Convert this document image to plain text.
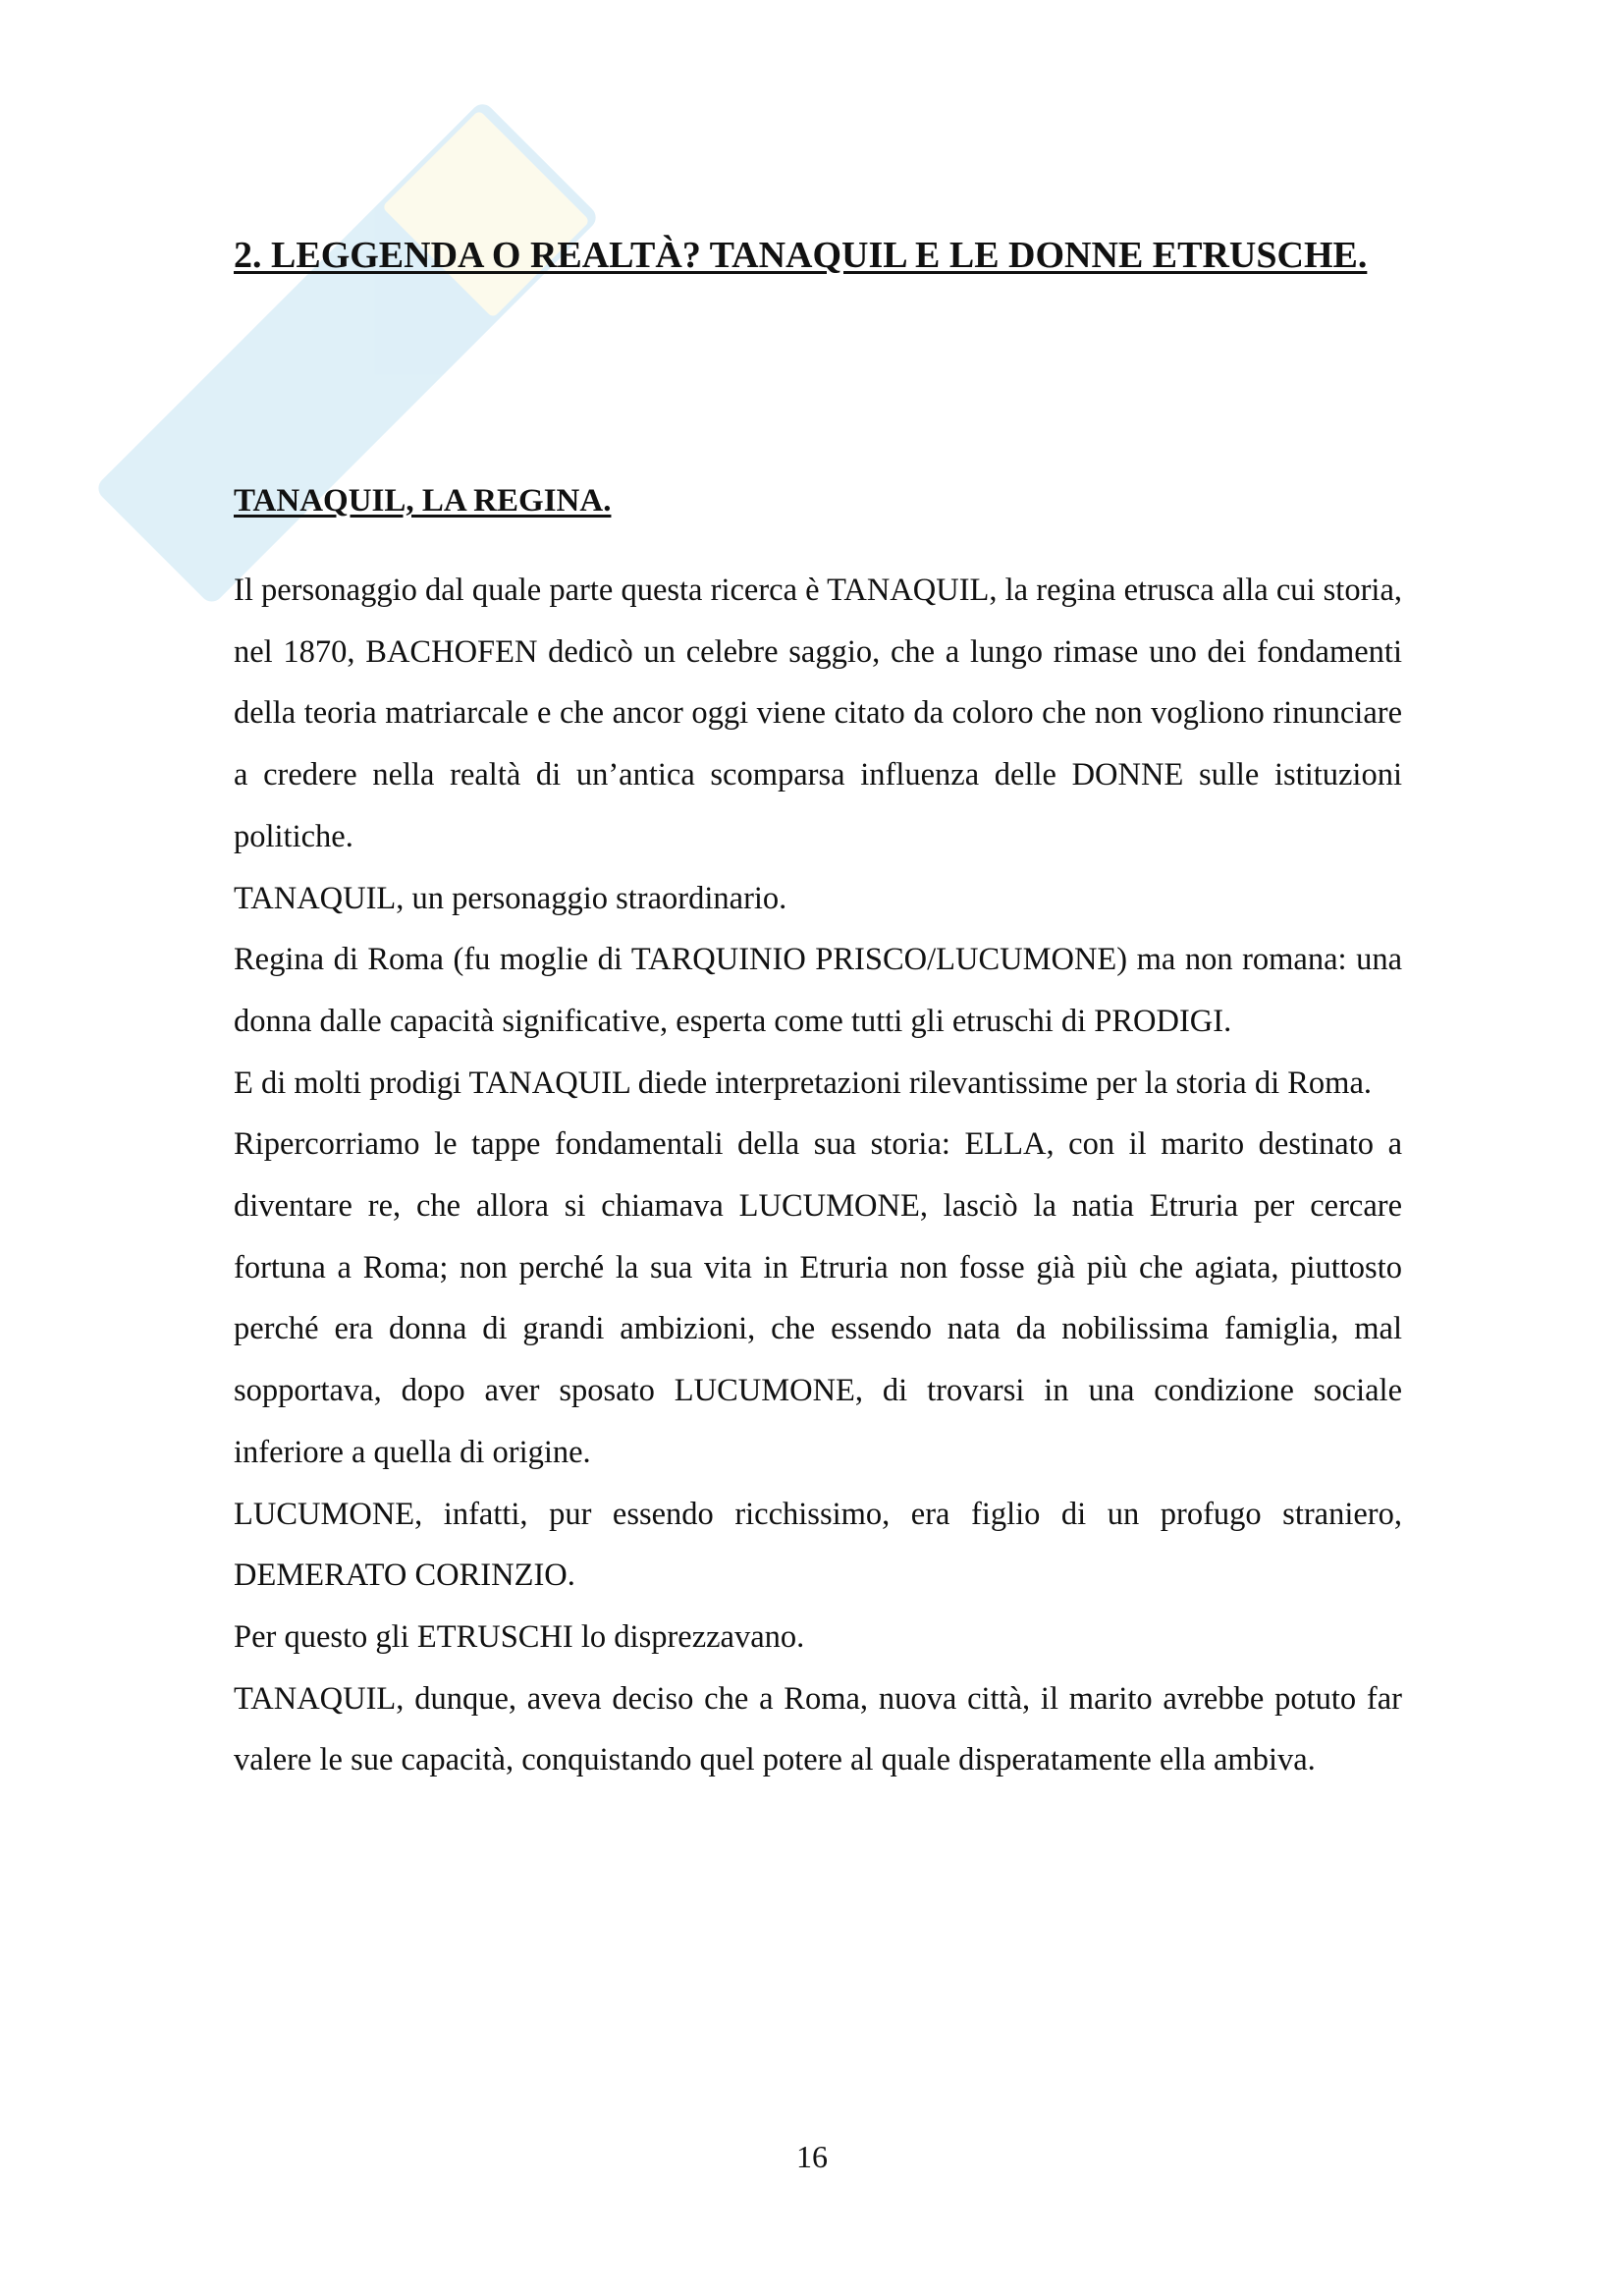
2. LEGGENDA O REALTÀ? TANAQUIL E LE DONNE ETRUSCHE.
TANAQUIL, LA REGINA.

Il personaggio dal quale parte questa ricerca è TANAQUIL, la regina etrusca alla cui storia, nel 1870, BACHOFEN dedicò un celebre saggio, che a lungo rimase uno dei fondamenti della teoria matriarcale e che ancor oggi viene citato da coloro che non vogliono rinunciare a credere nella realtà di un’antica scomparsa influenza delle DONNE sulle istituzioni politiche.

TANAQUIL, un personaggio straordinario.

Regina di Roma (fu moglie di TARQUINIO PRISCO/LUCUMONE) ma non romana: una donna dalle capacità significative, esperta come tutti gli etruschi di PRODIGI.

E di molti prodigi TANAQUIL diede interpretazioni rilevantissime per la storia di Roma.

Ripercorriamo le tappe fondamentali della sua storia: ELLA, con il marito destinato a diventare re, che allora si chiamava LUCUMONE, lasciò la natia Etruria per cercare fortuna a Roma; non perché la sua vita in Etruria non fosse già più che agiata, piuttosto perché era donna di grandi ambizioni, che essendo nata da nobilissima famiglia, mal sopportava, dopo aver sposato LUCUMONE, di trovarsi in una condizione sociale inferiore a quella di origine.

LUCUMONE, infatti, pur essendo ricchissimo, era figlio di un profugo straniero, DEMERATO CORINZIO.

Per questo gli ETRUSCHI lo disprezzavano.

TANAQUIL, dunque, aveva deciso che a Roma, nuova città, il marito avrebbe potuto far valere le sue capacità, conquistando quel potere al quale disperatamente ella ambiva.

16
